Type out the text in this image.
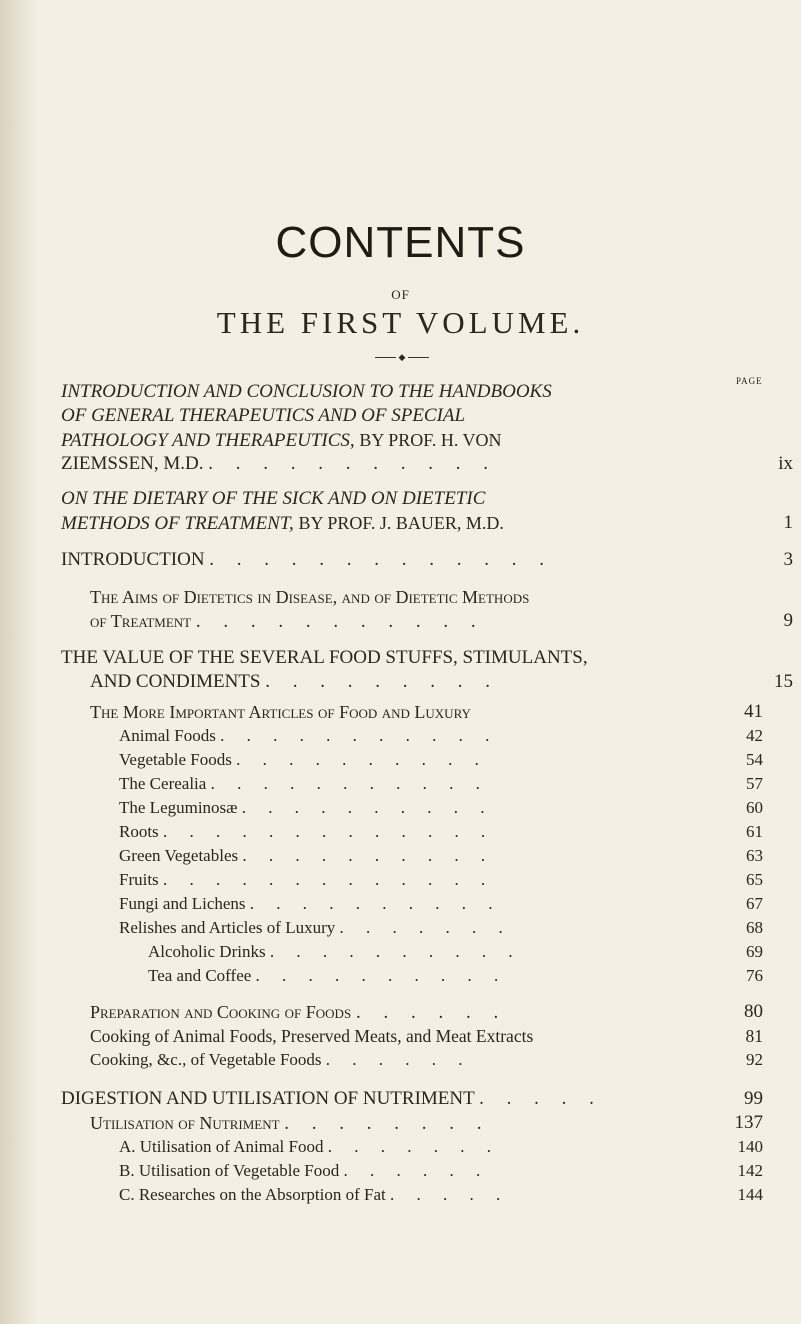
CONTENTS
OF
THE FIRST VOLUME.
◆
PAGE
INTRODUCTION AND CONCLUSION TO THE HANDBOOKS
OF GENERAL THERAPEUTICS AND OF SPECIAL
PATHOLOGY AND THERAPEUTICS, BY PROF. H. VON
ZIEMSSEN, M.D. . . . . . . . . . . .	ix
ON THE DIETARY OF THE SICK AND ON DIETETIC
METHODS OF TREATMENT, BY PROF. J. BAUER, M.D.	1
INTRODUCTION . . . . . . . . . . . . .	3
The Aims of Dietetics in Disease, and of Dietetic Methods
of Treatment . . . . . . . . . . .	9
THE VALUE OF THE SEVERAL FOOD STUFFS, STIMULANTS,
AND CONDIMENTS . . . . . . . . .	15
The More Important Articles of Food and Luxury	41
Animal Foods . . . . . . . . . . .	42
Vegetable Foods . . . . . . . . . .	54
The Cerealia . . . . . . . . . . .	57
The Leguminosæ . . . . . . . . . .	60
Roots . . . . . . . . . . . . .	61
Green Vegetables . . . . . . . . . .	63
Fruits . . . . . . . . . . . . .	65
Fungi and Lichens . . . . . . . . . .	67
Relishes and Articles of Luxury . . . . . . .	68
Alcoholic Drinks . . . . . . . . . .	69
Tea and Coffee . . . . . . . . . .	76
Preparation and Cooking of Foods . . . . . .	80
Cooking of Animal Foods, Preserved Meats, and Meat Extracts	81
Cooking, &c., of Vegetable Foods . . . . . .	92
DIGESTION AND UTILISATION OF NUTRIMENT . . . . .	99
Utilisation of Nutriment . . . . . . . .	137
A. Utilisation of Animal Food . . . . . . .	140
B. Utilisation of Vegetable Food . . . . . .	142
C. Researches on the Absorption of Fat . . . . .	144
